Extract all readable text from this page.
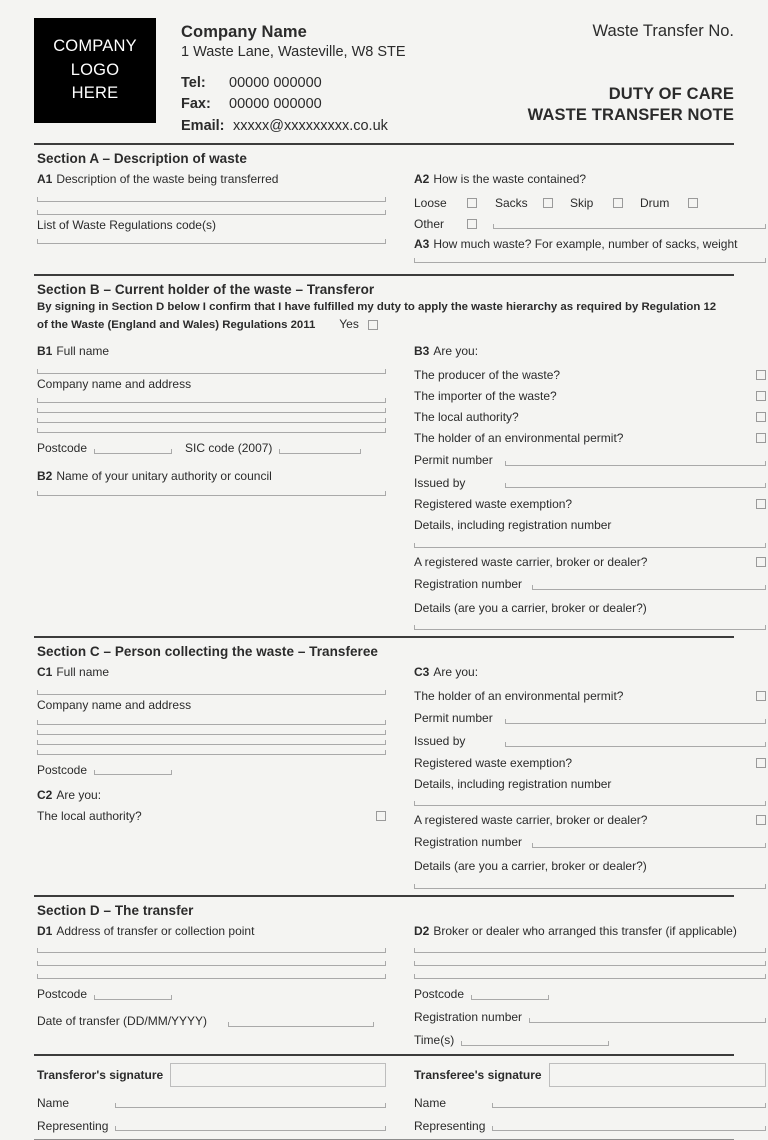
COMPANY
LOGO
HERE
Company Name
1 Waste Lane, Wasteville, W8 STE
Tel:	00000 000000
Fax:	00000 000000
Email: xxxxx@xxxxxxxxx.co.uk
Waste Transfer No.
DUTY OF CARE
WASTE TRANSFER NOTE
Section A – Description of waste
A1 Description of the waste being transferred
List of Waste Regulations code(s)
A2 How is the waste contained?
Loose	Sacks	Skip	Drum
Other
A3 How much waste? For example, number of sacks, weight
Section B – Current holder of the waste – Transferor
By signing in Section D below I confirm that I have fulfilled my duty to apply the waste hierarchy as required by Regulation 12
of the Waste (England and Wales) Regulations 2011 Yes
B1 Full name
Company name and address
Postcode	SIC code (2007)
B2 Name of your unitary authority or council
B3 Are you:
The producer of the waste?
The importer of the waste?
The local authority?
The holder of an environmental permit?
Permit number
Issued by
Registered waste exemption?
Details, including registration number
A registered waste carrier, broker or dealer?
Registration number
Details (are you a carrier, broker or dealer?)
Section C – Person collecting the waste – Transferee
C1 Full name
Company name and address
Postcode
C2 Are you:
The local authority?
C3 Are you:
The holder of an environmental permit?
Permit number
Issued by
Registered waste exemption?
Details, including registration number
A registered waste carrier, broker or dealer?
Registration number
Details (are you a carrier, broker or dealer?)
Section D – The transfer
D1 Address of transfer or collection point
Postcode
Date of transfer (DD/MM/YYYY)
D2 Broker or dealer who arranged this transfer (if applicable)
Postcode
Registration number
Time(s)
Transferor's signature
Name
Representing
Transferee's signature
Name
Representing
